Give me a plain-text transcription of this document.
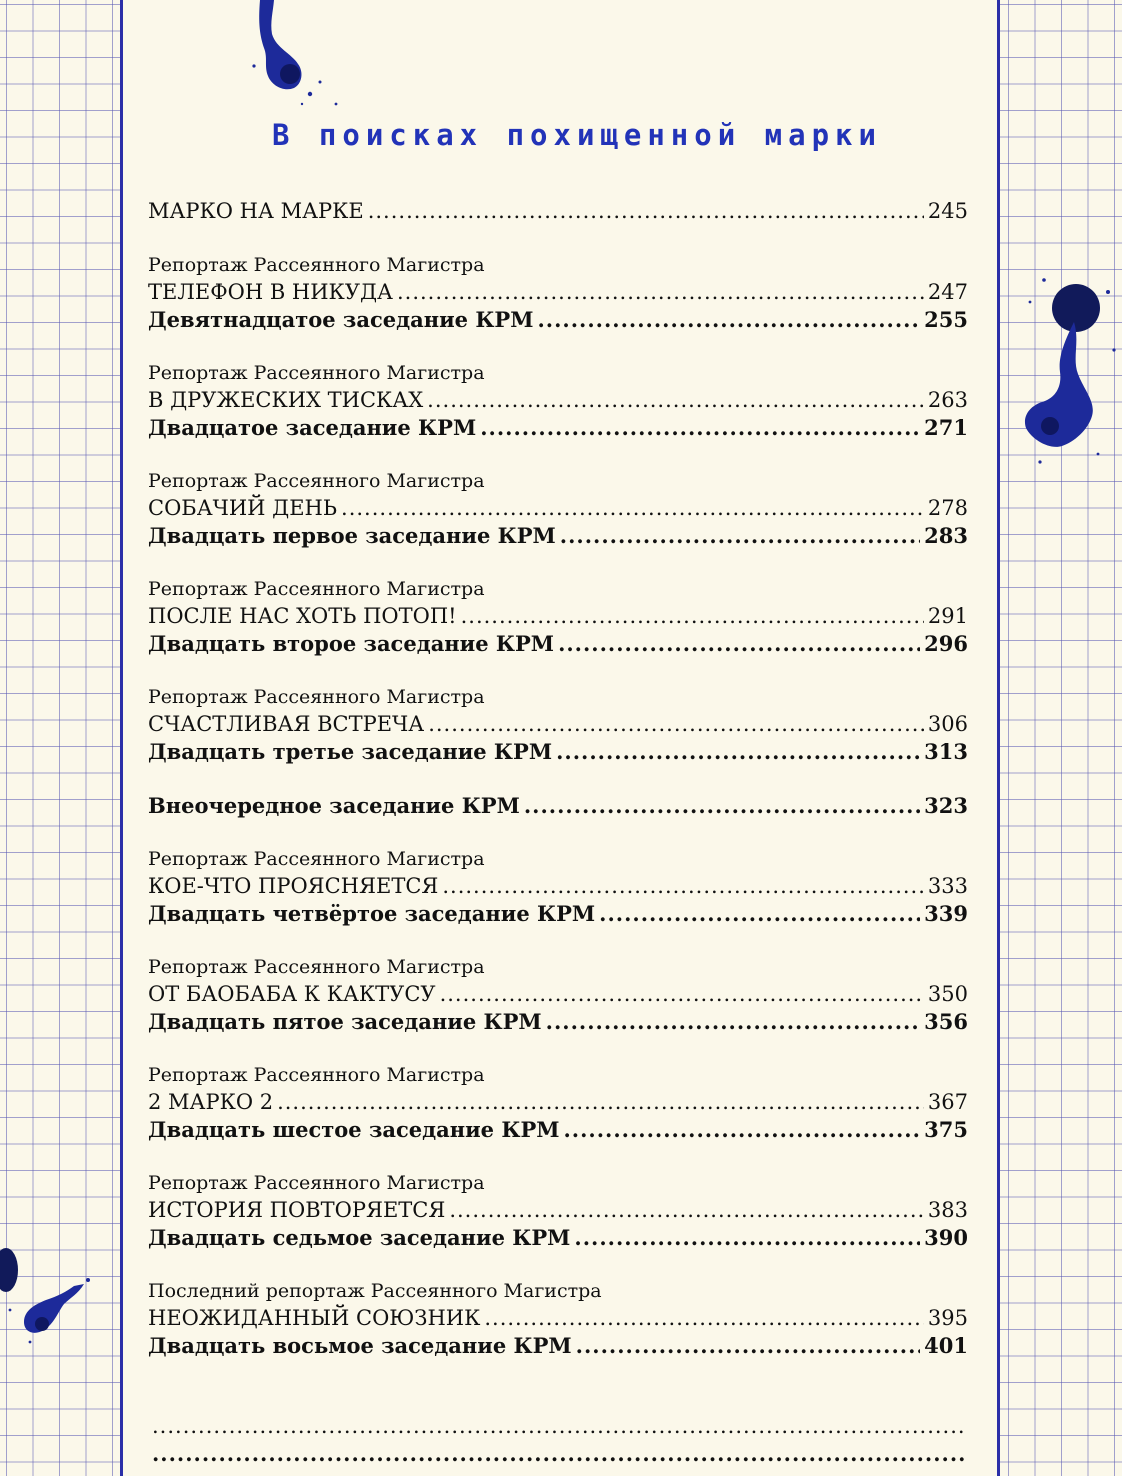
В поисках похищенной марки
МАРКО НА МАРКЕ .....	245
Репортаж Рассеянного Магистра
ТЕЛЕФОН В НИКУДА .....	247
Девятнадцатое заседание КРМ .....	255
Репортаж Рассеянного Магистра
В ДРУЖЕСКИХ ТИСКАХ .....	263
Двадцатое заседание КРМ .....	271
Репортаж Рассеянного Магистра
СОБАЧИЙ ДЕНЬ .....	278
Двадцать первое заседание КРМ .....	283
Репортаж Рассеянного Магистра
ПОСЛЕ НАС ХОТЬ ПОТОП! .....	291
Двадцать второе заседание КРМ .....	296
Репортаж Рассеянного Магистра
СЧАСТЛИВАЯ ВСТРЕЧА .....	306
Двадцать третье заседание КРМ .....	313
Внеочередное заседание КРМ .....	323
Репортаж Рассеянного Магистра
КОЕ-ЧТО ПРОЯСНЯЕТСЯ .....	333
Двадцать четвёртое заседание КРМ .....	339
Репортаж Рассеянного Магистра
ОТ БАОБАБА К КАКТУСУ .....	350
Двадцать пятое заседание КРМ .....	356
Репортаж Рассеянного Магистра
2 МАРКО 2 .....	367
Двадцать шестое заседание КРМ .....	375
Репортаж Рассеянного Магистра
ИСТОРИЯ ПОВТОРЯЕТСЯ .....	383
Двадцать седьмое заседание КРМ .....	390
Последний репортаж Рассеянного Магистра
НЕОЖИДАННЫЙ СОЮЗНИК .....	395
Двадцать восьмое заседание КРМ .....	401
.....
.....
